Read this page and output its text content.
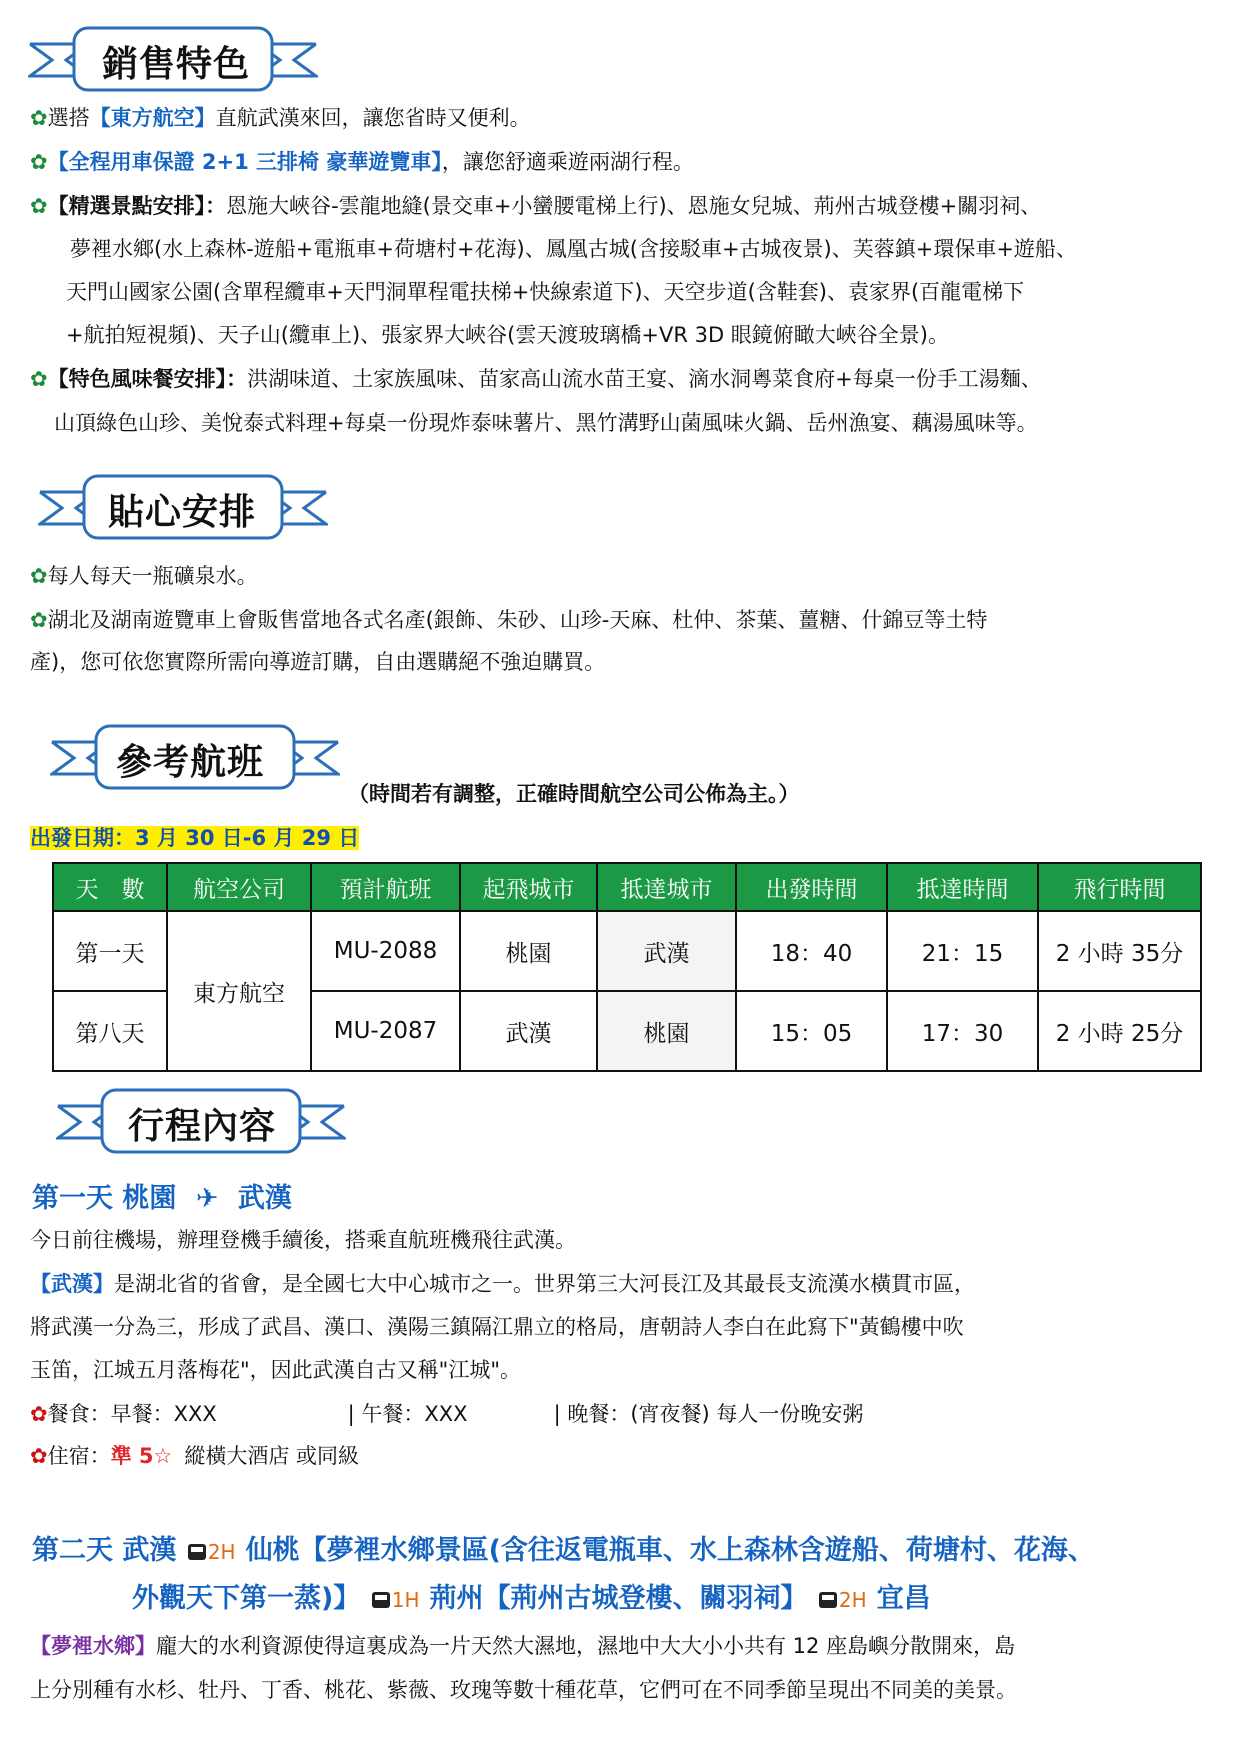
銷售特色
✿選搭【東方航空】直航武漢來回，讓您省時又便利。
✿【全程用車保證 2+1 三排椅 豪華遊覽車】，讓您舒適乘遊兩湖行程。
✿【精選景點安排】：恩施大峽谷-雲龍地縫(景交車+小蠻腰電梯上行)、恩施女兒城、荊州古城登樓+關羽祠、
夢裡水鄉(水上森林-遊船+電瓶車+荷塘村+花海)、鳳凰古城(含接駁車+古城夜景)、芙蓉鎮+環保車+遊船、
天門山國家公園(含單程纜車+天門洞單程電扶梯+快線索道下)、天空步道(含鞋套)、袁家界(百龍電梯下
+航拍短視頻)、天子山(纜車上)、張家界大峽谷(雲天渡玻璃橋+VR 3D 眼鏡俯瞰大峽谷全景)。
✿【特色風味餐安排】：洪湖味道、土家族風味、苗家高山流水苗王宴、滴水洞粵菜食府+每桌一份手工湯麵、
山頂綠色山珍、美悅泰式料理+每桌一份現炸泰味薯片、黑竹溝野山菌風味火鍋、岳州漁宴、藕湯風味等。
貼心安排
✿每人每天一瓶礦泉水。
✿湖北及湖南遊覽車上會販售當地各式名產(銀飾、朱砂、山珍-天麻、杜仲、茶葉、薑糖、什錦豆等土特
產)，您可依您實際所需向導遊訂購，自由選購絕不強迫購買。
參考航班
（時間若有調整，正確時間航空公司公佈為主。）
出發日期：3 月 30 日-6 月 29 日
天　數	航空公司	預計航班	起飛城市	抵達城市	出發時間	抵達時間	飛行時間
第一天	東方航空	MU-2088	桃園	武漢	18：40	21：15	2 小時 35分
第八天		MU-2087	武漢	桃園	15：05	17：30	2 小時 25分
行程內容
第一天 桃園 ✈ 武漢
今日前往機場，辦理登機手續後，搭乘直航班機飛往武漢。
【武漢】是湖北省的省會，是全國七大中心城市之一。世界第三大河長江及其最長支流漢水橫貫市區，
將武漢一分為三，形成了武昌、漢口、漢陽三鎮隔江鼎立的格局，唐朝詩人李白在此寫下"黃鶴樓中吹
玉笛，江城五月落梅花"，因此武漢自古又稱"江城"。
✿餐食：早餐：XXX	| 午餐：XXX	| 晚餐：(宵夜餐) 每人一份晚安粥
✿住宿：準 5☆ 縱橫大酒店 或同級
第二天 武漢 2H 仙桃【夢裡水鄉景區(含往返電瓶車、水上森林含遊船、荷塘村、花海、
外觀天下第一蒸)】 1H 荊州【荊州古城登樓、關羽祠】 2H 宜昌
【夢裡水鄉】龐大的水利資源使得這裏成為一片天然大濕地，濕地中大大小小共有 12 座島嶼分散開來，島
上分別種有水杉、牡丹、丁香、桃花、紫薇、玫瑰等數十種花草，它們可在不同季節呈現出不同美的美景。
